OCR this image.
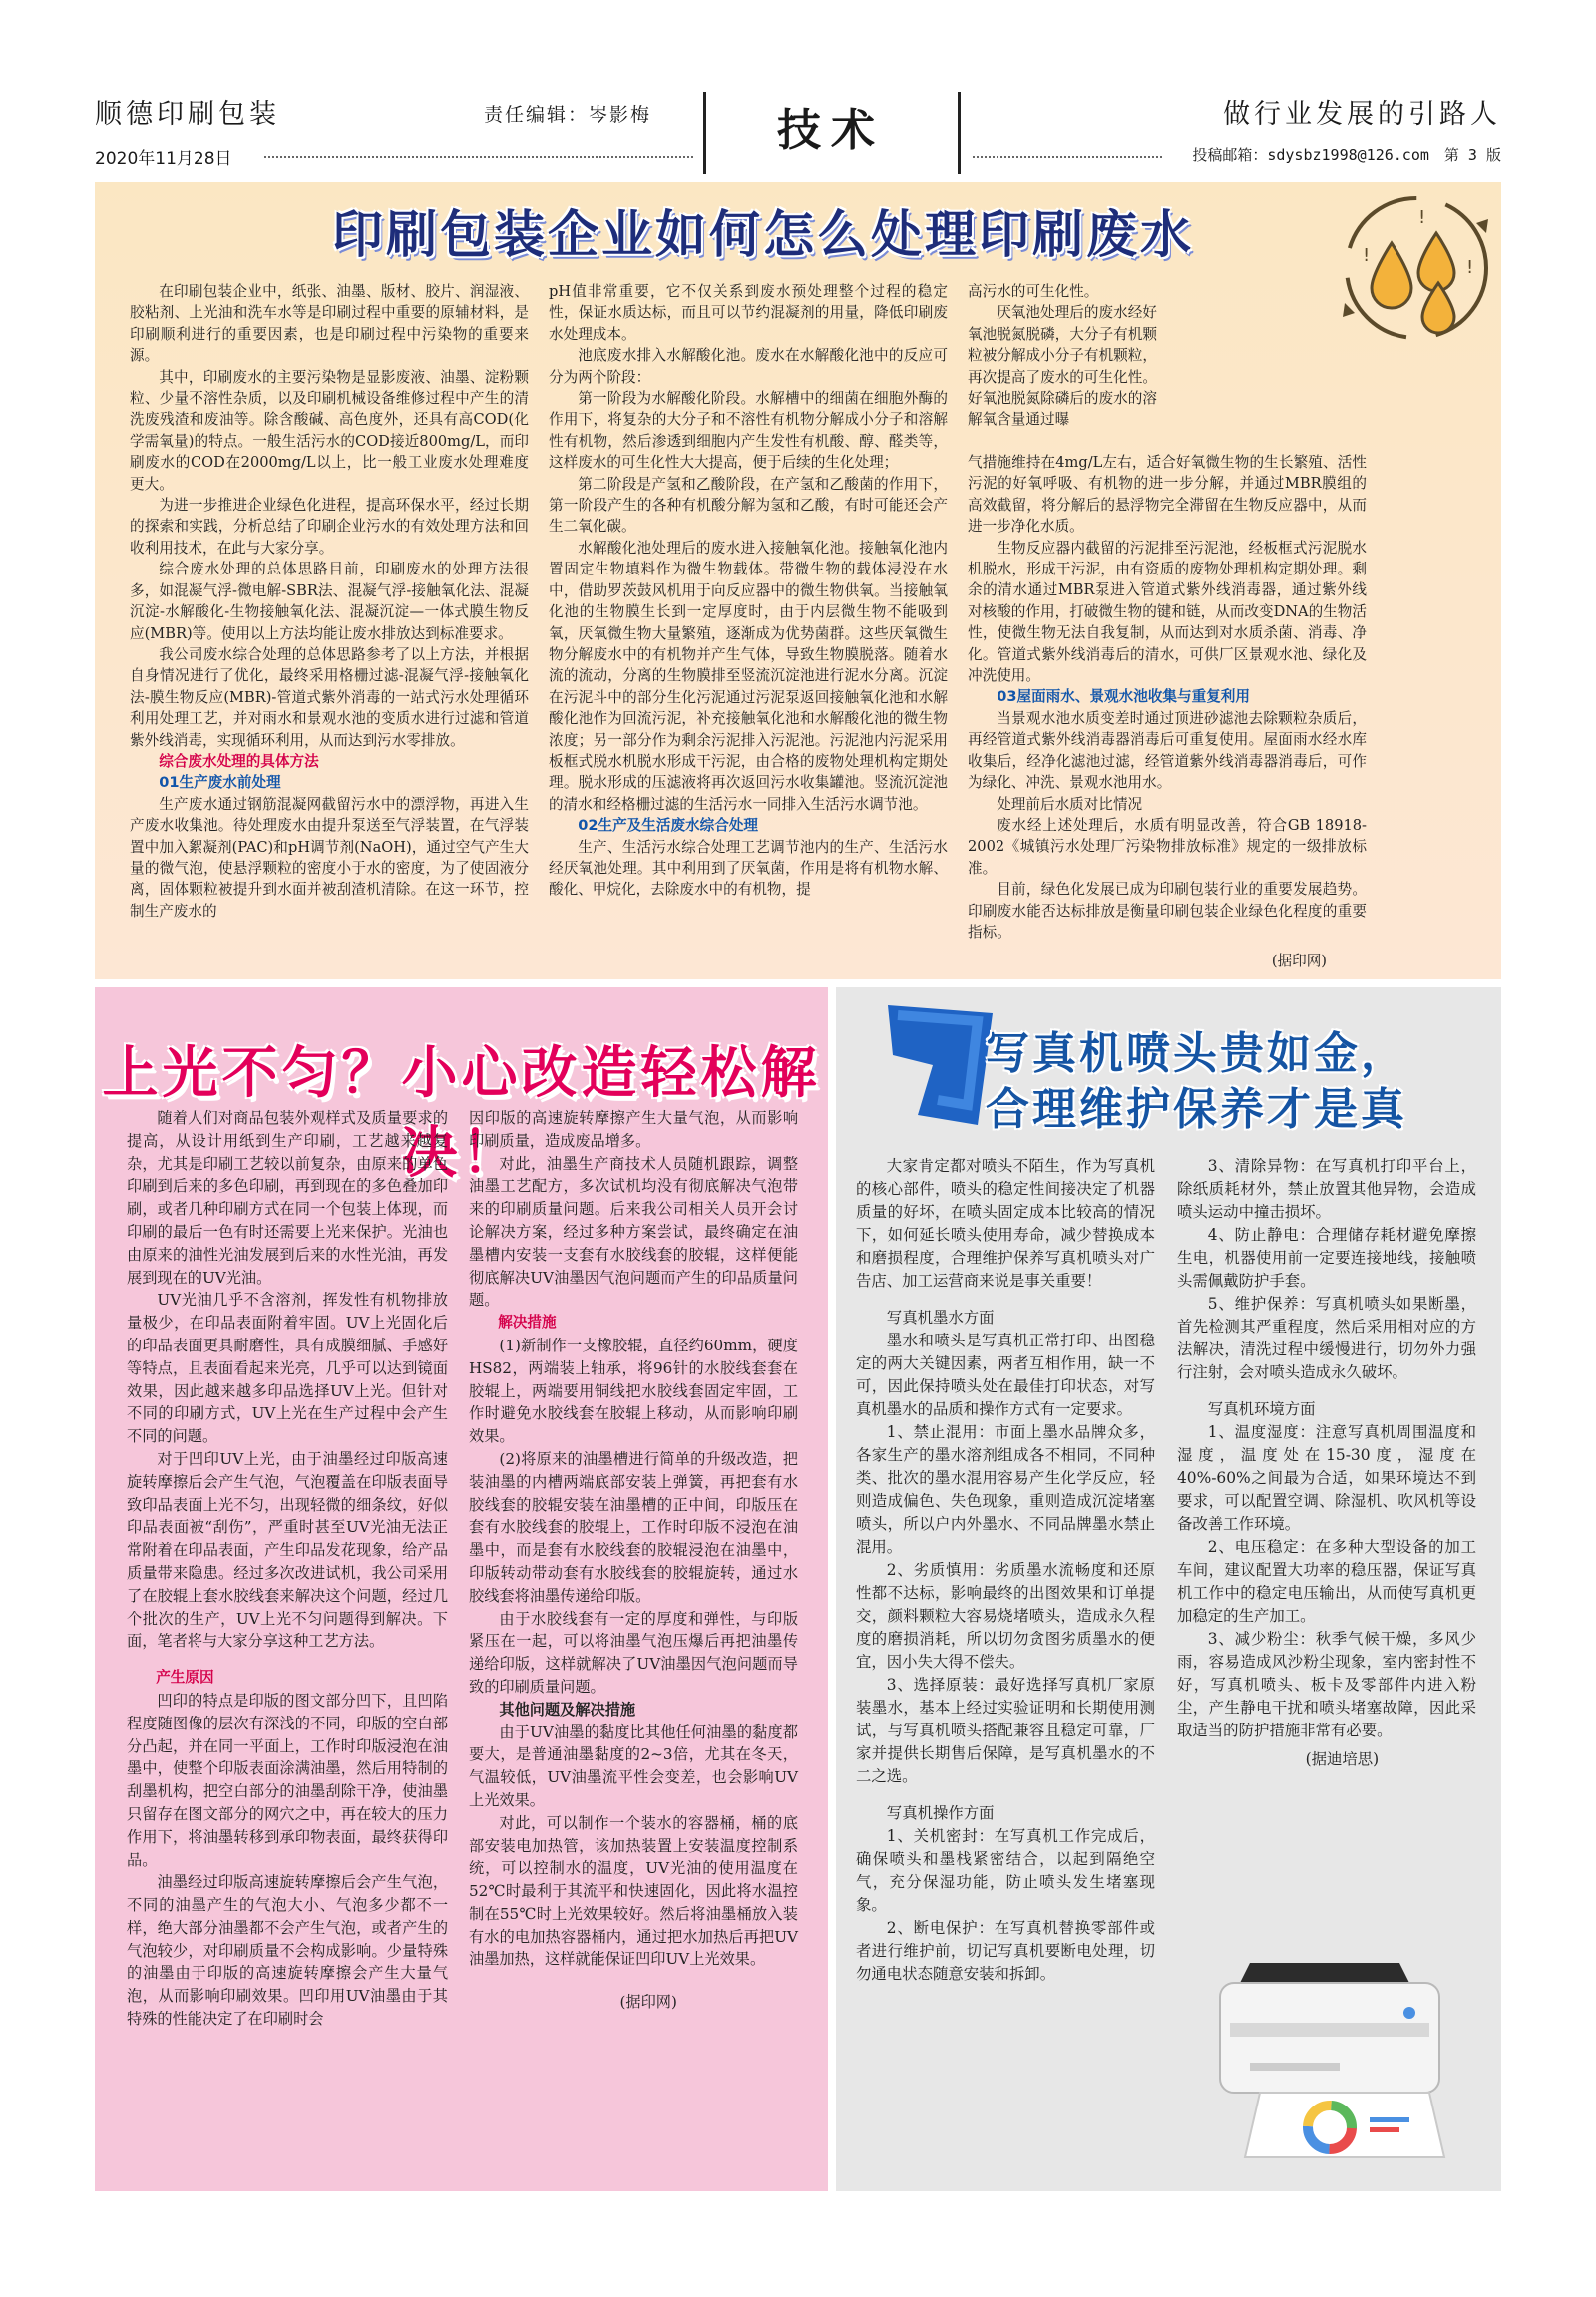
顺德印刷包装	责任编辑：岑影梅	技术	做行业发展的引路人
2020年11月28日	投稿邮箱：sdysbz1998@126.com　第 3 版
印刷包装企业如何怎么处理印刷废水	!
!
!

在印刷包装企业中，纸张、油墨、版材、胶片、润湿液、胶粘剂、上光油和洗车水等是印刷过程中重要的原辅材料，是印刷顺利进行的重要因素，也是印刷过程中污染物的重要来源。

其中，印刷废水的主要污染物是显影废液、油墨、淀粉颗粒、少量不溶性杂质，以及印刷机械设备维修过程中产生的清洗废残渣和废油等。除含酸碱、高色度外，还具有高COD(化学需氧量)的特点。一般生活污水的COD接近800mg/L，而印刷废水的COD在2000mg/L以上，比一般工业废水处理难度更大。

为进一步推进企业绿色化进程，提高环保水平，经过长期的探索和实践，分析总结了印刷企业污水的有效处理方法和回收利用技术，在此与大家分享。

综合废水处理的总体思路目前，印刷废水的处理方法很多，如混凝气浮-微电解-SBR法、混凝气浮-接触氧化法、混凝沉淀-水解酸化-生物接触氧化法、混凝沉淀—一体式膜生物反应(MBR)等。使用以上方法均能让废水排放达到标准要求。

我公司废水综合处理的总体思路参考了以上方法，并根据自身情况进行了优化，最终采用格栅过滤-混凝气浮-接触氧化法-膜生物反应(MBR)-管道式紫外消毒的一站式污水处理循环利用处理工艺，并对雨水和景观水池的变质水进行过滤和管道紫外线消毒，实现循环利用，从而达到污水零排放。

综合废水处理的具体方法

01生产废水前处理

生产废水通过钢筋混凝网截留污水中的漂浮物，再进入生产废水收集池。待处理废水由提升泵送至气浮装置，在气浮装置中加入絮凝剂(PAC)和pH调节剂(NaOH)，通过空气产生大量的微气泡，使悬浮颗粒的密度小于水的密度，为了使固液分离，固体颗粒被提升到水面并被刮渣机清除。在这一环节，控制生产废水的

pH值非常重要，它不仅关系到废水预处理整个过程的稳定性，保证水质达标，而且可以节约混凝剂的用量，降低印刷废水处理成本。

池底废水排入水解酸化池。废水在水解酸化池中的反应可分为两个阶段：

第一阶段为水解酸化阶段。水解槽中的细菌在细胞外酶的作用下，将复杂的大分子和不溶性有机物分解成小分子和溶解性有机物，然后渗透到细胞内产生发性有机酸、醇、醛类等，这样废水的可生化性大大提高，便于后续的生化处理；

第二阶段是产氢和乙酸阶段，在产氢和乙酸菌的作用下，第一阶段产生的各种有机酸分解为氢和乙酸，有时可能还会产生二氧化碳。

水解酸化池处理后的废水进入接触氧化池。接触氧化池内置固定生物填料作为微生物载体。带微生物的载体浸没在水中，借助罗茨鼓风机用于向反应器中的微生物供氧。当接触氧化池的生物膜生长到一定厚度时，由于内层微生物不能吸到氧，厌氧微生物大量繁殖，逐渐成为优势菌群。这些厌氧微生物分解废水中的有机物并产生气体，导致生物膜脱落。随着水流的流动，分离的生物膜排至竖流沉淀池进行泥水分离。沉淀在污泥斗中的部分生化污泥通过污泥泵返回接触氧化池和水解酸化池作为回流污泥，补充接触氧化池和水解酸化池的微生物浓度；另一部分作为剩余污泥排入污泥池。污泥池内污泥采用板框式脱水机脱水形成干污泥，由合格的废物处理机构定期处理。脱水形成的压滤液将再次返回污水收集罐池。竖流沉淀池的清水和经格栅过滤的生活污水一同排入生活污水调节池。

02生产及生活废水综合处理

生产、生活污水综合处理工艺调节池内的生产、生活污水经厌氧池处理。其中利用到了厌氧菌，作用是将有机物水解、酸化、甲烷化，去除废水中的有机物，提

高污水的可生化性。

厌氧池处理后的废水经好氧池脱氮脱磷，大分子有机颗粒被分解成小分子有机颗粒，再次提高了废水的可生化性。好氧池脱氮除磷后的废水的溶解氧含量通过曝

气措施维持在4mg/L左右，适合好氧微生物的生长繁殖、活性污泥的好氧呼吸、有机物的进一步分解，并通过MBR膜组的高效截留，将分解后的悬浮物完全滞留在生物反应器中，从而进一步净化水质。

生物反应器内截留的污泥排至污泥池，经板框式污泥脱水机脱水，形成干污泥，由有资质的废物处理机构定期处理。剩余的清水通过MBR泵进入管道式紫外线消毒器，通过紫外线对核酸的作用，打破微生物的键和链，从而改变DNA的生物活性，使微生物无法自我复制，从而达到对水质杀菌、消毒、净化。管道式紫外线消毒后的清水，可供厂区景观水池、绿化及冲洗使用。

03屋面雨水、景观水池收集与重复利用

当景观水池水质变差时通过顶进砂滤池去除颗粒杂质后，再经管道式紫外线消毒器消毒后可重复使用。屋面雨水经水库收集后，经净化滤池过滤，经管道紫外线消毒器消毒后，可作为绿化、冲洗、景观水池用水。

处理前后水质对比情况

废水经上述处理后，水质有明显改善，符合GB 18918-2002《城镇污水处理厂污染物排放标准》规定的一级排放标准。

目前，绿色化发展已成为印刷包装行业的重要发展趋势。印刷废水能否达标排放是衡量印刷包装企业绿色化程度的重要指标。

(据印网)

上光不匀？小心改造轻松解决！

随着人们对商品包装外观样式及质量要求的提高，从设计用纸到生产印刷，工艺越来越复杂，尤其是印刷工艺较以前复杂，由原来的单色印刷到后来的多色印刷，再到现在的多色叠加印刷，或者几种印刷方式在同一个包装上体现，而印刷的最后一色有时还需要上光来保护。光油也由原来的油性光油发展到后来的水性光油，再发展到现在的UV光油。

UV光油几乎不含溶剂，挥发性有机物排放量极少，在印品表面附着牢固。UV上光固化后的印品表面更具耐磨性，具有成膜细腻、手感好等特点，且表面看起来光亮，几乎可以达到镜面效果，因此越来越多印品选择UV上光。但针对不同的印刷方式，UV上光在生产过程中会产生不同的问题。

对于凹印UV上光，由于油墨经过印版高速旋转摩擦后会产生气泡，气泡覆盖在印版表面导致印品表面上光不匀，出现轻微的细条纹，好似印品表面被“刮伤”，严重时甚至UV光油无法正常附着在印品表面，产生印品发花现象，给产品质量带来隐患。经过多次改进试机，我公司采用了在胶辊上套水胶线套来解决这个问题，经过几个批次的生产，UV上光不匀问题得到解决。下面，笔者将与大家分享这种工艺方法。

产生原因

凹印的特点是印版的图文部分凹下，且凹陷程度随图像的层次有深浅的不同，印版的空白部分凸起，并在同一平面上，工作时印版浸泡在油墨中，使整个印版表面涂满油墨，然后用特制的刮墨机构，把空白部分的油墨刮除干净，使油墨只留存在图文部分的网穴之中，再在较大的压力作用下，将油墨转移到承印物表面，最终获得印品。

油墨经过印版高速旋转摩擦后会产生气泡，不同的油墨产生的气泡大小、气泡多少都不一样，绝大部分油墨都不会产生气泡，或者产生的气泡较少，对印刷质量不会构成影响。少量特殊的油墨由于印版的高速旋转摩擦会产生大量气泡，从而影响印刷效果。凹印用UV油墨由于其特殊的性能决定了在印刷时会

因印版的高速旋转摩擦产生大量气泡，从而影响印刷质量，造成废品增多。

对此，油墨生产商技术人员随机跟踪，调整油墨工艺配方，多次试机均没有彻底解决气泡带来的印刷质量问题。后来我公司相关人员开会讨论解决方案，经过多种方案尝试，最终确定在油墨槽内安装一支套有水胶线套的胶辊，这样便能彻底解决UV油墨因气泡问题而产生的印品质量问题。

解决措施

(1)新制作一支橡胶辊，直径约60mm，硬度HS82，两端装上轴承，将96针的水胶线套套在胶辊上，两端要用铜线把水胶线套固定牢固，工作时避免水胶线套在胶辊上移动，从而影响印刷效果。

(2)将原来的油墨槽进行简单的升级改造，把装油墨的内槽两端底部安装上弹簧，再把套有水胶线套的胶辊安装在油墨槽的正中间，印版压在套有水胶线套的胶辊上，工作时印版不浸泡在油墨中，而是套有水胶线套的胶辊浸泡在油墨中，印版转动带动套有水胶线套的胶辊旋转，通过水胶线套将油墨传递给印版。

由于水胶线套有一定的厚度和弹性，与印版紧压在一起，可以将油墨气泡压爆后再把油墨传递给印版，这样就解决了UV油墨因气泡问题而导致的印刷质量问题。

其他问题及解决措施

由于UV油墨的黏度比其他任何油墨的黏度都要大，是普通油墨黏度的2~3倍，尤其在冬天，气温较低，UV油墨流平性会变差，也会影响UV上光效果。

对此，可以制作一个装水的容器桶，桶的底部安装电加热管，该加热装置上安装温度控制系统，可以控制水的温度，UV光油的使用温度在52℃时最利于其流平和快速固化，因此将水温控制在55℃时上光效果较好。然后将油墨桶放入装有水的电加热容器桶内，通过把水加热后再把UV油墨加热，这样就能保证凹印UV上光效果。

(据印网)

写真机喷头贵如金，
合理维护保养才是真

大家肯定都对喷头不陌生，作为写真机的核心部件，喷头的稳定性间接决定了机器质量的好坏，在喷头固定成本比较高的情况下，如何延长喷头使用寿命，减少替换成本和磨损程度，合理维护保养写真机喷头对广告店、加工运营商来说是事关重要！

写真机墨水方面

墨水和喷头是写真机正常打印、出图稳定的两大关键因素，两者互相作用，缺一不可，因此保持喷头处在最佳打印状态，对写真机墨水的品质和操作方式有一定要求。

1、禁止混用：市面上墨水品牌众多，各家生产的墨水溶剂组成各不相同，不同种类、批次的墨水混用容易产生化学反应，轻则造成偏色、失色现象，重则造成沉淀堵塞喷头，所以户内外墨水、不同品牌墨水禁止混用。

2、劣质慎用：劣质墨水流畅度和还原性都不达标，影响最终的出图效果和订单提交，颜料颗粒大容易烧堵喷头，造成永久程度的磨损消耗，所以切勿贪图劣质墨水的便宜，因小失大得不偿失。

3、选择原装：最好选择写真机厂家原装墨水，基本上经过实验证明和长期使用测试，与写真机喷头搭配兼容且稳定可靠，厂家并提供长期售后保障，是写真机墨水的不二之选。

写真机操作方面

1、关机密封：在写真机工作完成后，确保喷头和墨栈紧密结合，以起到隔绝空气，充分保湿功能，防止喷头发生堵塞现象。

2、断电保护：在写真机替换零部件或者进行维护前，切记写真机要断电处理，切勿通电状态随意安装和拆卸。

3、清除异物：在写真机打印平台上，除纸质耗材外，禁止放置其他异物，会造成喷头运动中撞击损坏。

4、防止静电：合理储存耗材避免摩擦生电，机器使用前一定要连接地线，接触喷头需佩戴防护手套。

5、维护保养：写真机喷头如果断墨，首先检测其严重程度，然后采用相对应的方法解决，清洗过程中缓慢进行，切勿外力强行注射，会对喷头造成永久破坏。

写真机环境方面

1、温度湿度：注意写真机周围温度和湿度，温度处在15-30度，湿度在40%-60%之间最为合适，如果环境达不到要求，可以配置空调、除湿机、吹风机等设备改善工作环境。

2、电压稳定：在多种大型设备的加工车间，建议配置大功率的稳压器，保证写真机工作中的稳定电压输出，从而使写真机更加稳定的生产加工。

3、减少粉尘：秋季气候干燥，多风少雨，容易造成风沙粉尘现象，室内密封性不好，写真机喷头、板卡及零部件内进入粉尘，产生静电干扰和喷头堵塞故障，因此采取适当的防护措施非常有必要。

(据迪培思)
